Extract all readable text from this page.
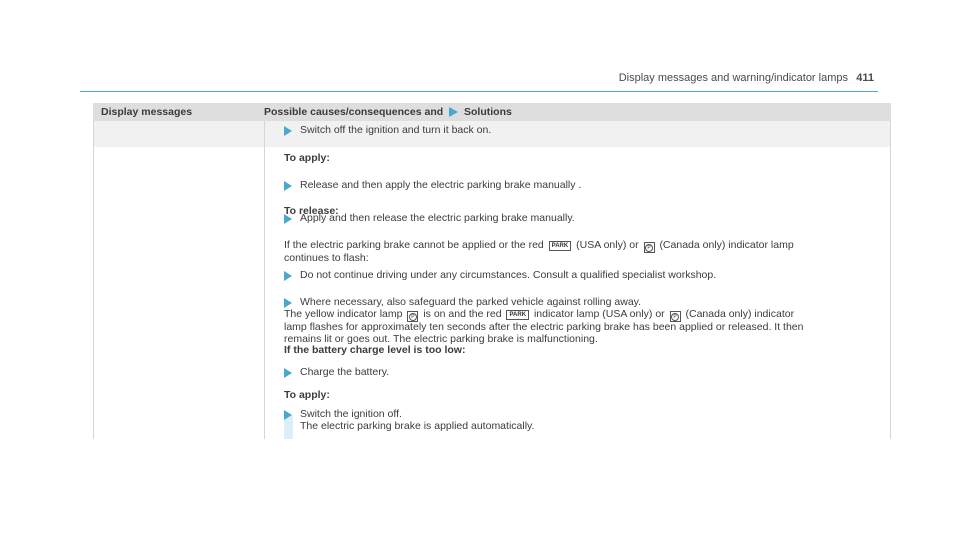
Display messages and warning/indicator lamps 411
Display messages	Possible causes/consequences and Solutions
Switch off the ignition and turn it back on.
To apply:
Release and then apply the electric parking brake manually .
To release:
Apply and then release the electric parking brake manually.
If the electric parking brake cannot be applied or the red PARK (USA only) or P (Canada only) indicator lamp
continues to flash:
Do not continue driving under any circumstances. Consult a qualified specialist workshop.
Where necessary, also safeguard the parked vehicle against rolling away.
The yellow indicator lamp P is on and the red PARK indicator lamp (USA only) or P (Canada only) indicator
lamp flashes for approximately ten seconds after the electric parking brake has been applied or released. It then
remains lit or goes out. The electric parking brake is malfunctioning.
If the battery charge level is too low:
Charge the battery.
To apply:
Switch the ignition off.
The electric parking brake is applied automatically.
